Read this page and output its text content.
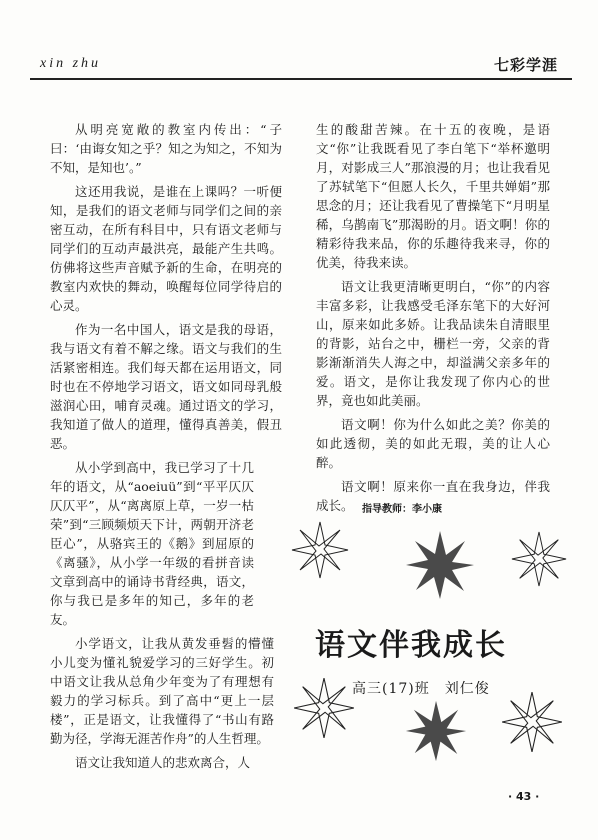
xin zhu	七彩学涯

从明亮宽敞的教室内传出：“子曰：‘由诲女知之乎？知之为知之，不知为不知，是知也’。”

这还用我说，是谁在上课吗？一听便知，是我们的语文老师与同学们之间的亲密互动，在所有科目中，只有语文老师与同学们的互动声最洪亮，最能产生共鸣。仿佛将这些声音赋予新的生命，在明亮的教室内欢快的舞动，唤醒每位同学待启的心灵。

作为一名中国人，语文是我的母语，我与语文有着不解之缘。语文与我们的生活紧密相连。我们每天都在运用语文，同时也在不停地学习语文，语文如同母乳般滋润心田，哺育灵魂。通过语文的学习，我知道了做人的道理，懂得真善美，假丑恶。

从小学到高中，我已学习了十几年的语文，从“aoeiuü”到“平平仄仄仄仄平”，从“离离原上草，一岁一枯荣”到“三顾频烦天下计，两朝开济老臣心”，从骆宾王的《鹅》到屈原的《离骚》，从小学一年级的看拼音读文章到高中的诵诗书背经典，语文，你与我已是多年的知己，多年的老友。

小学语文，让我从黄发垂髫的懵懂小儿变为懂礼貌爱学习的三好学生。初中语文让我从总角少年变为了有理想有毅力的学习标兵。到了高中“更上一层楼”，正是语文，让我懂得了“书山有路勤为径，学海无涯苦作舟”的人生哲理。

语文让我知道人的悲欢离合，人

生的酸甜苦辣。在十五的夜晚，是语文“你”让我既看见了李白笔下“举杯邀明月，对影成三人”那浪漫的月；也让我看见了苏轼笔下“但愿人长久，千里共婵娟”那思念的月；还让我看见了曹操笔下“月明星稀，乌鹊南飞”那渴盼的月。语文啊！你的精彩待我来品，你的乐趣待我来寻，你的优美，待我来读。

语文让我更清晰更明白，“你”的内容丰富多彩，让我感受毛泽东笔下的大好河山，原来如此多娇。让我品读朱自清眼里的背影，站台之中，栅栏一旁，父亲的背影渐渐消失人海之中，却溢满父亲多年的爱。语文，是你让我发现了你内心的世界，竟也如此美丽。

语文啊！你为什么如此之美？你美的如此透彻，美的如此无瑕，美的让人心醉。

语文啊！原来你一直在我身边，伴我成长。 指导教师：李小康
语文伴我成长
高三(17)班　刘仁俊
· 43 ·
